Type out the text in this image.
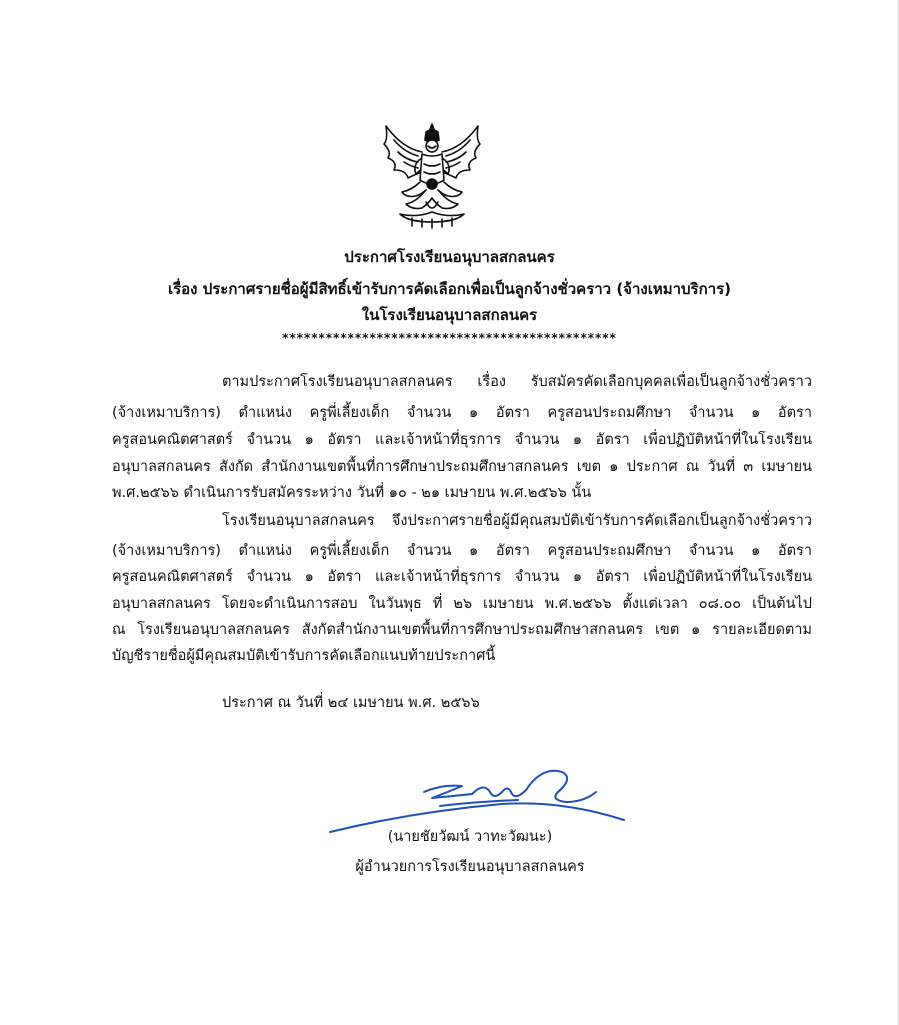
ประกาศโรงเรียนอนุบาลสกลนคร
เรื่อง ประกาศรายชื่อผู้มีสิทธิ์เข้ารับการคัดเลือกเพื่อเป็นลูกจ้างชั่วคราว (จ้างเหมาบริการ)
ในโรงเรียนอนุบาลสกลนคร
**********************************************
ตามประกาศโรงเรียนอนุบาลสกลนคร เรื่อง รับสมัครคัดเลือกบุคคลเพื่อเป็นลูกจ้างชั่วคราว
(จ้างเหมาบริการ) ตำแหน่ง ครูพี่เลี้ยงเด็ก จำนวน ๑ อัตรา ครูสอนประถมศึกษา จำนวน ๑ อัตรา
ครูสอนคณิตศาสตร์ จำนวน ๑ อัตรา และเจ้าหน้าที่ธุรการ จำนวน ๑ อัตรา เพื่อปฏิบัติหน้าที่ในโรงเรียน
อนุบาลสกลนคร สังกัด สำนักงานเขตพื้นที่การศึกษาประถมศึกษาสกลนคร เขต ๑ ประกาศ ณ วันที่ ๓ เมษายน
พ.ศ.๒๕๖๖ ดำเนินการรับสมัครระหว่าง วันที่ ๑๐ - ๒๑ เมษายน พ.ศ.๒๕๖๖ นั้น
โรงเรียนอนุบาลสกลนคร จึงประกาศรายชื่อผู้มีคุณสมบัติเข้ารับการคัดเลือกเป็นลูกจ้างชั่วคราว
(จ้างเหมาบริการ) ตำแหน่ง ครูพี่เลี้ยงเด็ก จำนวน ๑ อัตรา ครูสอนประถมศึกษา จำนวน ๑ อัตรา
ครูสอนคณิตศาสตร์ จำนวน ๑ อัตรา และเจ้าหน้าที่ธุรการ จำนวน ๑ อัตรา เพื่อปฏิบัติหน้าที่ในโรงเรียน
อนุบาลสกลนคร โดยจะดำเนินการสอบ ในวันพุธ ที่ ๒๖ เมษายน พ.ศ.๒๕๖๖ ตั้งแต่เวลา ๐๘.๐๐ เป็นต้นไป
ณ โรงเรียนอนุบาลสกลนคร สังกัดสำนักงานเขตพื้นที่การศึกษาประถมศึกษาสกลนคร เขต ๑ รายละเอียดตาม
บัญชีรายชื่อผู้มีคุณสมบัติเข้ารับการคัดเลือกแนบท้ายประกาศนี้
ประกาศ ณ วันที่ ๒๔ เมษายน พ.ศ. ๒๕๖๖
(นายชัยวัฒน์ วาทะวัฒนะ)
ผู้อำนวยการโรงเรียนอนุบาลสกลนคร
